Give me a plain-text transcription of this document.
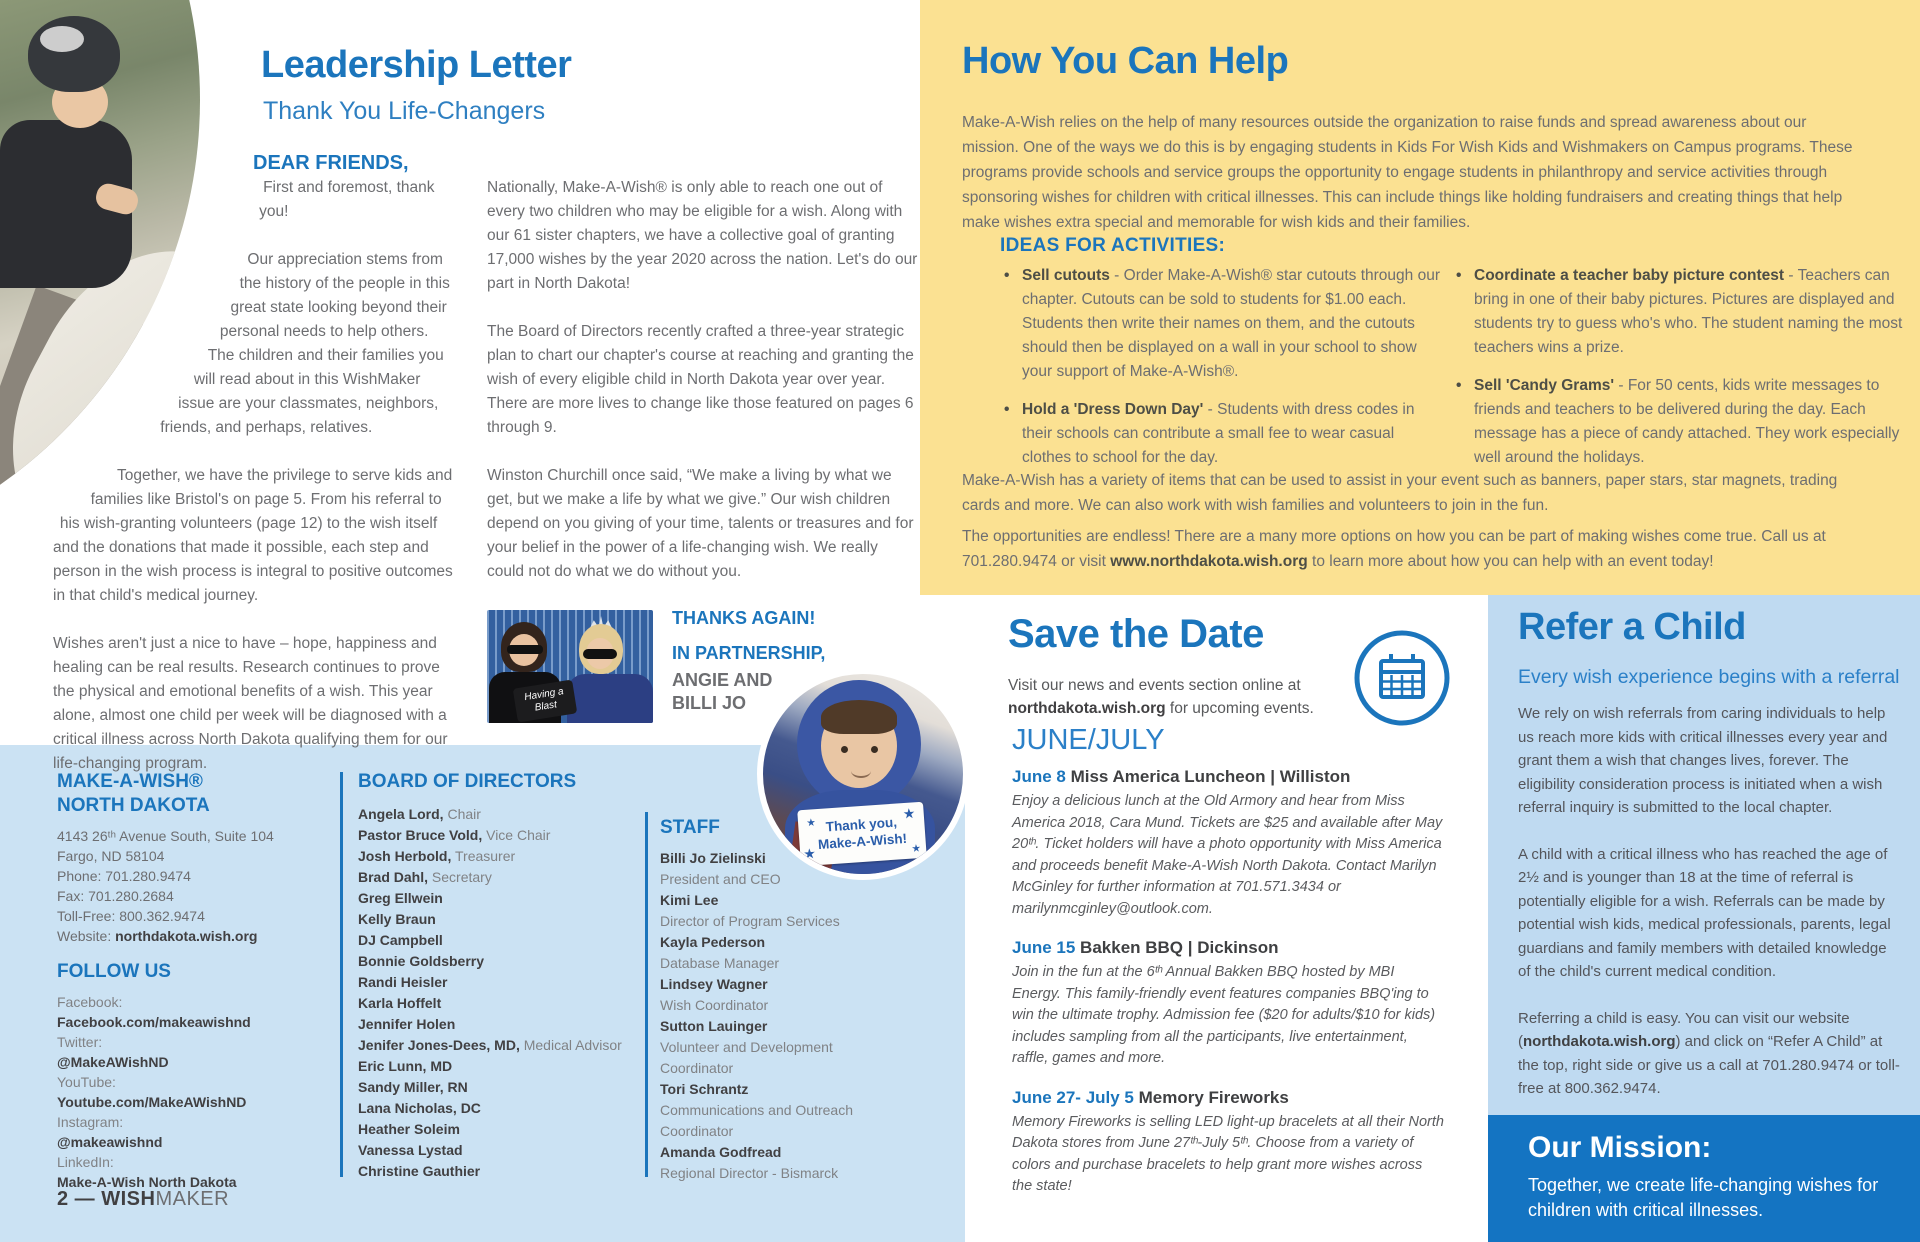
Leadership Letter
Thank You Life-Changers
DEAR FRIENDS,

First and foremost, thank you!

Our appreciation stems from the history of the people in this great state looking beyond their personal needs to help others. The children and their families you will read about in this WishMaker issue are your classmates, neighbors, friends, and perhaps, relatives.

Together, we have the privilege to serve kids and families like Bristol's on page 5. From his referral to his wish-granting volunteers (page 12) to the wish itself and the donations that made it possible, each step and person in the wish process is integral to positive outcomes in that child's medical journey.

Wishes aren't just a nice to have – hope, happiness and healing can be real results. Research continues to prove the physical and emotional benefits of a wish. This year alone, almost one child per week will be diagnosed with a critical illness across North Dakota qualifying them for our life-changing program.

Nationally, Make-A-Wish® is only able to reach one out of every two children who may be eligible for a wish. Along with our 61 sister chapters, we have a collective goal of granting 17,000 wishes by the year 2020 across the nation. Let's do our part in North Dakota!

The Board of Directors recently crafted a three-year strategic plan to chart our chapter's course at reaching and granting the wish of every eligible child in North Dakota year over year. There are more lives to change like those featured on pages 6 through 9.

Winston Churchill once said, “We make a living by what we get, but we make a life by what we give.” Our wish children depend on you giving of your time, talents or treasures and for your belief in the power of a life-changing wish. We really could not do what we do without you.

Having a
Blast
THANKS AGAIN!
IN PARTNERSHIP,
ANGIE AND
BILLI JO
★
★
★	★
Thank you,
Make-A-Wish!
MAKE-A-WISH®
NORTH DAKOTA
4143 26ᵗʰ Avenue South, Suite 104
Fargo, ND 58104
Phone: 701.280.9474
Fax: 701.280.2684
Toll-Free: 800.362.9474
Website: northdakota.wish.org
FOLLOW US
Facebook:
Facebook.com/makeawishnd
Twitter:
@MakeAWishND
YouTube:
Youtube.com/MakeAWishND
Instagram:
@makeawishnd
LinkedIn:
Make-A-Wish North Dakota
BOARD OF DIRECTORS
Angela Lord, Chair
Pastor Bruce Vold, Vice Chair
Josh Herbold, Treasurer
Brad Dahl, Secretary
Greg Ellwein
Kelly Braun
DJ Campbell
Bonnie Goldsberry
Randi Heisler
Karla Hoffelt
Jennifer Holen
Jenifer Jones-Dees, MD, Medical Advisor
Eric Lunn, MD
Sandy Miller, RN
Lana Nicholas, DC
Heather Soleim
Vanessa Lystad
Christine Gauthier
STAFF
Billi Jo Zielinski
President and CEO
Kimi Lee
Director of Program Services
Kayla Pederson
Database Manager
Lindsey Wagner
Wish Coordinator
Sutton Lauinger
Volunteer and Development Coordinator
Tori Schrantz
Communications and Outreach Coordinator
Amanda Godfread
Regional Director - Bismarck
2 — WISHMAKER
How You Can Help
Make-A-Wish relies on the help of many resources outside the organization to raise funds and spread awareness about our mission. One of the ways we do this is by engaging students in Kids For Wish Kids and Wishmakers on Campus programs. These programs provide schools and service groups the opportunity to engage students in philanthropy and service activities through sponsoring wishes for children with critical illnesses. This can include things like holding fundraisers and creating things that help make wishes extra special and memorable for wish kids and their families.
IDEAS FOR ACTIVITIES:
• Sell cutouts - Order Make-A-Wish® star cutouts through our chapter. Cutouts can be sold to students for $1.00 each. Students then write their names on them, and the cutouts should then be displayed on a wall in your school to show your support of Make-A-Wish®.
• Hold a 'Dress Down Day' - Students with dress codes in their schools can contribute a small fee to wear casual clothes to school for the day.
• Coordinate a teacher baby picture contest - Teachers can bring in one of their baby pictures. Pictures are displayed and students try to guess who's who. The student naming the most teachers wins a prize.
• Sell 'Candy Grams' - For 50 cents, kids write messages to friends and teachers to be delivered during the day. Each message has a piece of candy attached. They work especially well around the holidays.
Make-A-Wish has a variety of items that can be used to assist in your event such as banners, paper stars, star magnets, trading cards and more. We can also work with wish families and volunteers to join in the fun.
The opportunities are endless! There are a many more options on how you can be part of making wishes come true. Call us at 701.280.9474 or visit www.northdakota.wish.org to learn more about how you can help with an event today!
Save the Date
Visit our news and events section online at northdakota.wish.org for upcoming events.
JUNE/JULY
June 8 Miss America Luncheon | Williston
Enjoy a delicious lunch at the Old Armory and hear from Miss America 2018, Cara Mund. Tickets are $25 and available after May 20ᵗʰ. Ticket holders will have a photo opportunity with Miss America and proceeds benefit Make-A-Wish North Dakota. Contact Marilyn McGinley for further information at 701.571.3434 or marilynmcginley@outlook.com.
June 15 Bakken BBQ | Dickinson
Join in the fun at the 6ᵗʰ Annual Bakken BBQ hosted by MBI Energy. This family-friendly event features companies BBQ'ing to win the ultimate trophy. Admission fee ($20 for adults/$10 for kids) includes sampling from all the participants, live entertainment, raffle, games and more.
June 27- July 5 Memory Fireworks
Memory Fireworks is selling LED light-up bracelets at all their North Dakota stores from June 27ᵗʰ-July 5ᵗʰ. Choose from a variety of colors and purchase bracelets to help grant more wishes across the state!
Refer a Child
Every wish experience begins with a referral

We rely on wish referrals from caring individuals to help us reach more kids with critical illnesses every year and grant them a wish that changes lives, forever. The eligibility consideration process is initiated when a wish referral inquiry is submitted to the local chapter.

A child with a critical illness who has reached the age of 2½ and is younger than 18 at the time of referral is potentially eligible for a wish. Referrals can be made by potential wish kids, medical professionals, parents, legal guardians and family members with detailed knowledge of the child's current medical condition.

Referring a child is easy. You can visit our website (northdakota.wish.org) and click on “Refer A Child” at the top, right side or give us a call at 701.280.9474 or toll-free at 800.362.9474.

Our Mission:
Together, we create life-changing wishes for children with critical illnesses.
